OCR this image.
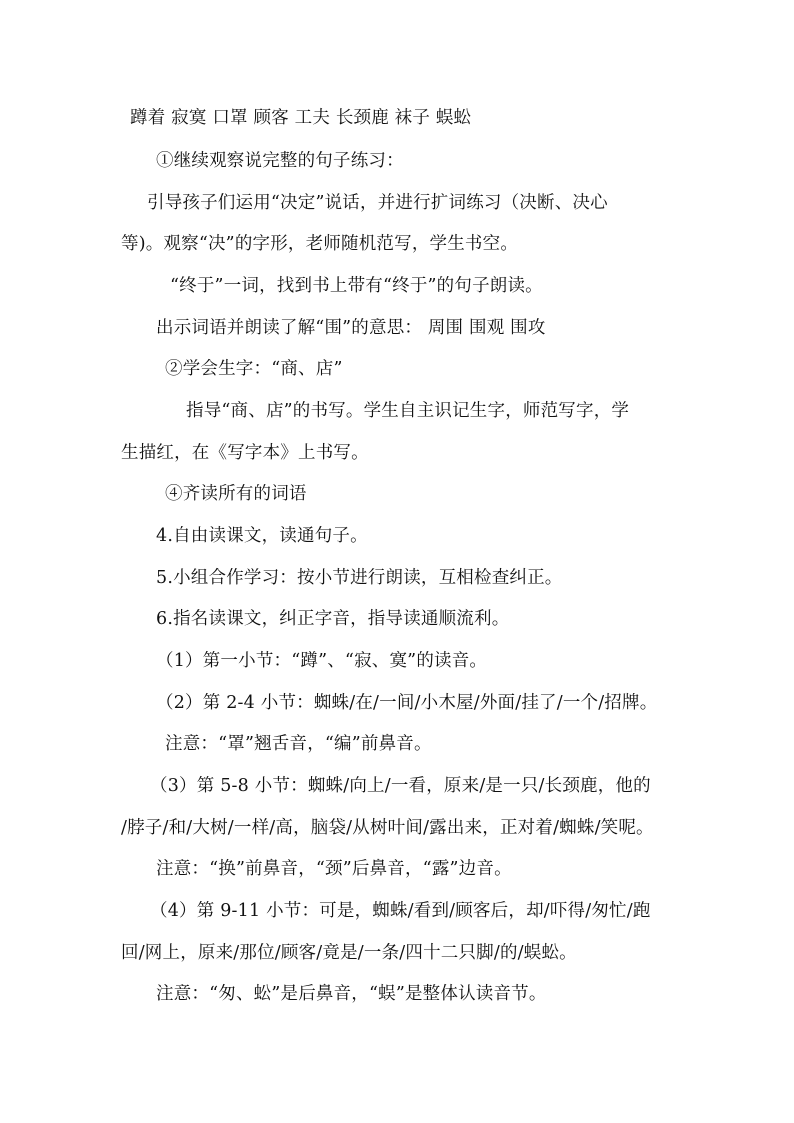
蹲着 寂寞 口罩 顾客 工夫 长颈鹿 袜子 蜈蚣
①继续观察说完整的句子练习：
引导孩子们运用“决定”说话，并进行扩词练习（决断、决心
等)。观察“决”的字形，老师随机范写，学生书空。
“终于”一词，找到书上带有“终于”的句子朗读。
出示词语并朗读了解“围”的意思： 周围 围观 围攻
②学会生字：“商、店”
指导“商、店”的书写。学生自主识记生字，师范写字，学
生描红，在《写字本》上书写。
④齐读所有的词语
4.自由读课文，读通句子。
5.小组合作学习：按小节进行朗读，互相检查纠正。
6.指名读课文，纠正字音，指导读通顺流利。
（1）第一小节：“蹲”、“寂、寞”的读音。
（2）第 2-4 小节：蜘蛛/在/一间/小木屋/外面/挂了/一个/招牌。
注意：“罩”翘舌音，“编”前鼻音。
（3）第 5-8 小节：蜘蛛/向上/一看，原来/是一只/长颈鹿，他的
/脖子/和/大树/一样/高，脑袋/从树叶间/露出来，正对着/蜘蛛/笑呢。
注意：“换”前鼻音，“颈”后鼻音，“露”边音。
（4）第 9-11 小节：可是，蜘蛛/看到/顾客后，却/吓得/匆忙/跑
回/网上，原来/那位/顾客/竟是/一条/四十二只脚/的/蜈蚣。
注意：“匆、蚣”是后鼻音，“蜈”是整体认读音节。
